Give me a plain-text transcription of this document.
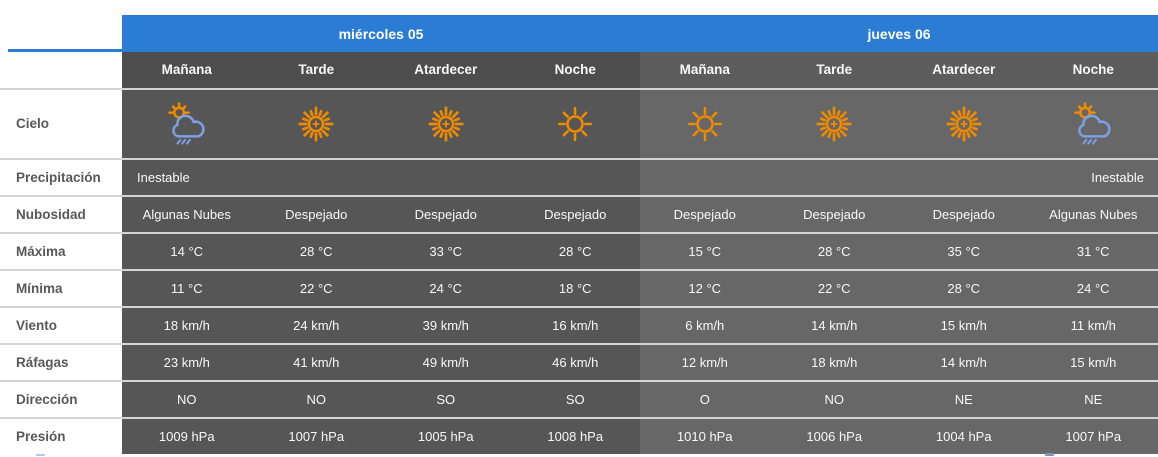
miércoles 05	jueves 06
Mañana	Tarde	Atardecer	Noche	Mañana	Tarde	Atardecer	Noche
Cielo
Precipitación	Inestable	Inestable
Nubosidad	Algunas Nubes	Despejado	Despejado	Despejado	Despejado	Despejado	Despejado	Algunas Nubes
Máxima	14 °C	28 °C	33 °C	28 °C	15 °C	28 °C	35 °C	31 °C
Mínima	11 °C	22 °C	24 °C	18 °C	12 °C	22 °C	28 °C	24 °C
Viento	18 km/h	24 km/h	39 km/h	16 km/h	6 km/h	14 km/h	15 km/h	11 km/h
Ráfagas	23 km/h	41 km/h	49 km/h	46 km/h	12 km/h	18 km/h	14 km/h	15 km/h
Dirección	NO	NO	SO	SO	O	NO	NE	NE
Presión	1009 hPa	1007 hPa	1005 hPa	1008 hPa	1010 hPa	1006 hPa	1004 hPa	1007 hPa
